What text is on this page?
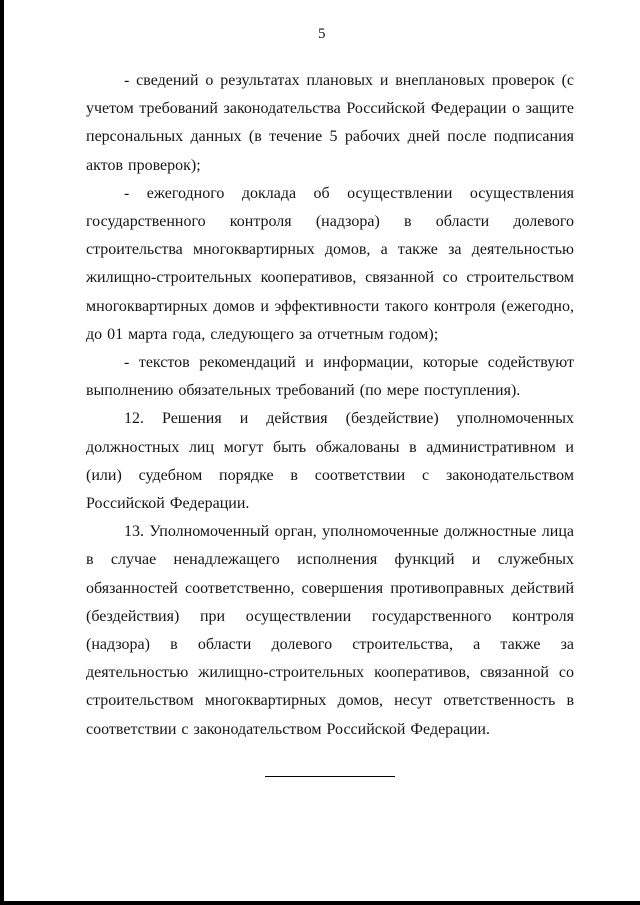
5

- сведений о результатах плановых и внеплановых проверок (с учетом требований законодательства Российской Федерации о защите персональных данных (в течение 5 рабочих дней после подписания актов проверок);

- ежегодного доклада об осуществлении осуществления государственного контроля (надзора) в области долевого строительства многоквартирных домов, а также за деятельностью жилищно-строительных кооперативов, связанной со строительством многоквартирных домов и эффективности такого контроля (ежегодно, до 01 марта года, следующего за отчетным годом);

- текстов рекомендаций и информации, которые содействуют выполнению обязательных требований (по мере поступления).

12. Решения и действия (бездействие) уполномоченных должностных лиц могут быть обжалованы в административном и (или) судебном порядке в соответствии с законодательством Российской Федерации.

13. Уполномоченный орган, уполномоченные должностные лица в случае ненадлежащего исполнения функций и служебных обязанностей соответственно, совершения противоправных действий (бездействия) при осуществлении государственного контроля (надзора) в области долевого строительства, а также за деятельностью жилищно-строительных кооперативов, связанной со строительством многоквартирных домов, несут ответственность в соответствии с законодательством Российской Федерации.
